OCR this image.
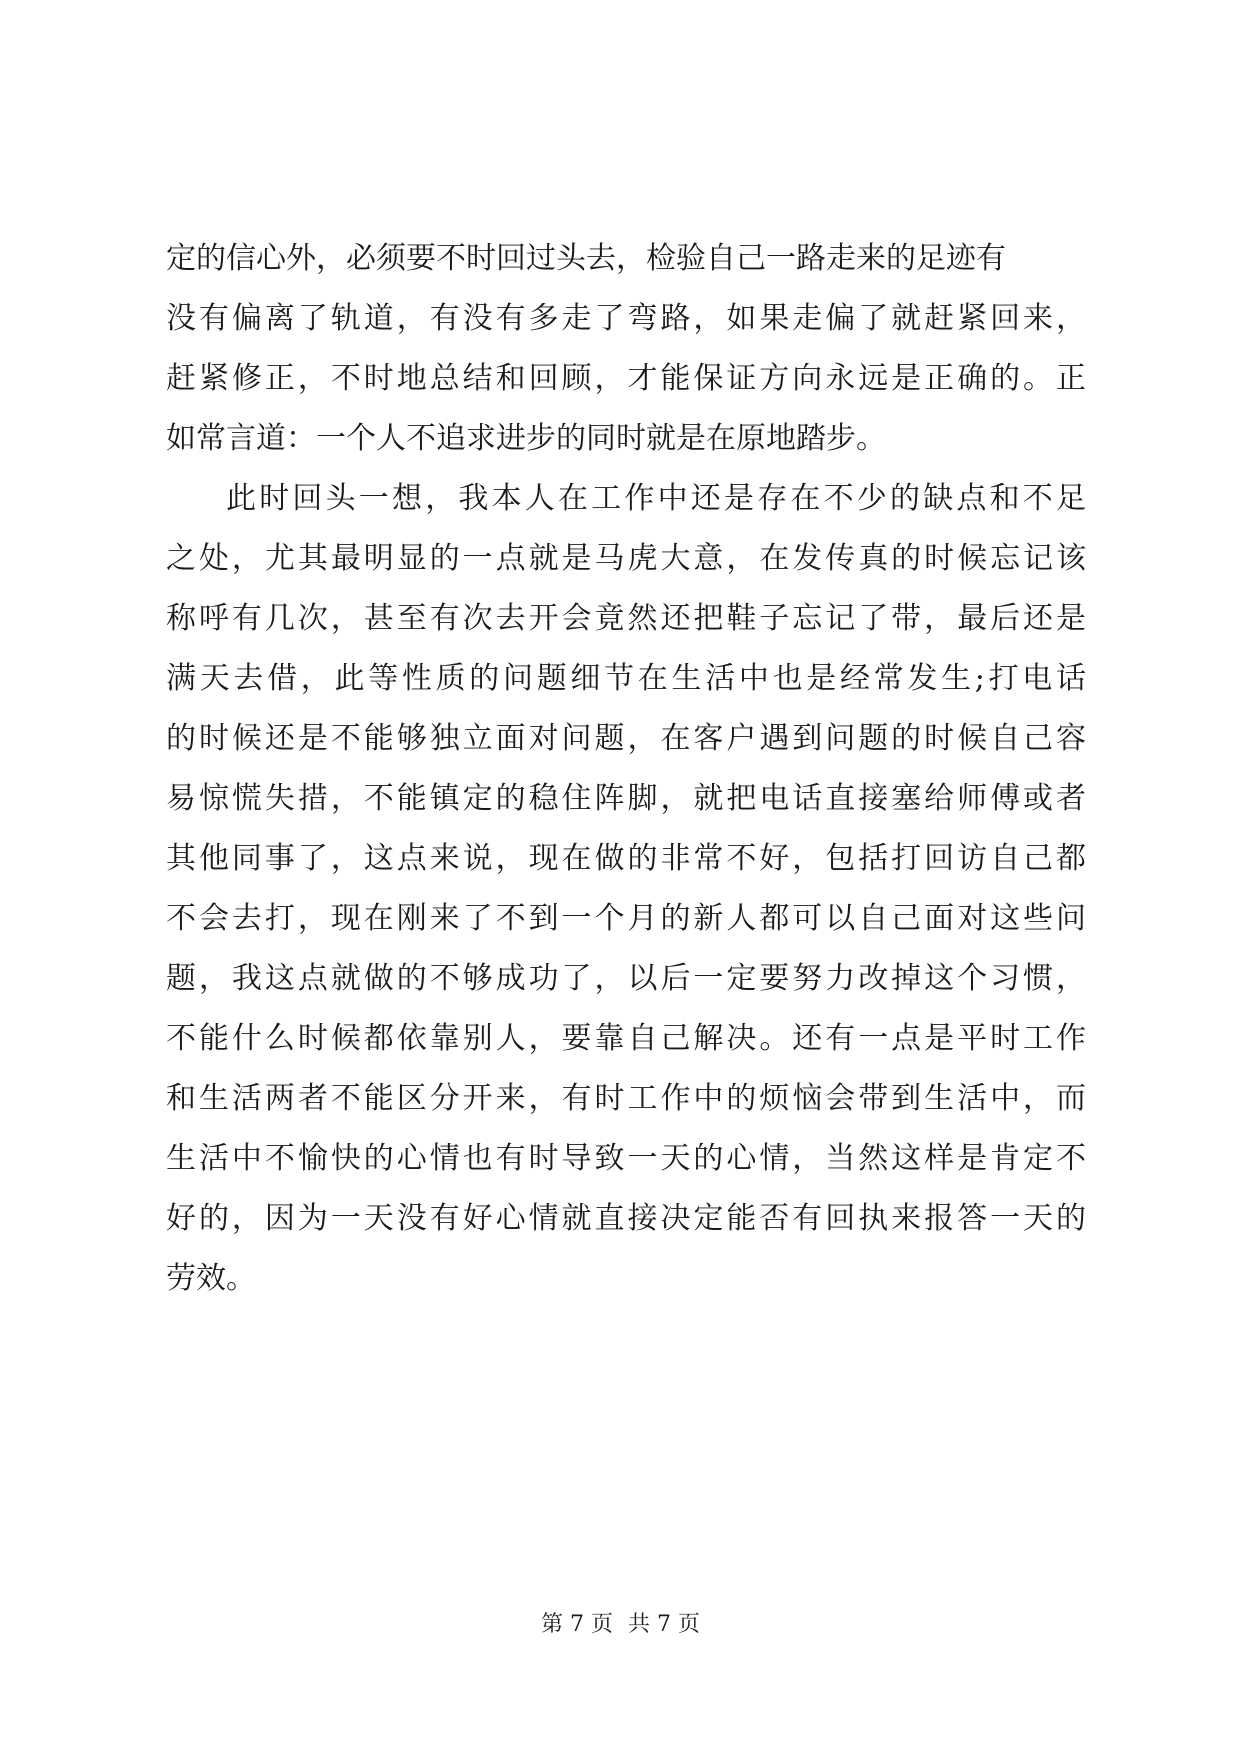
定的信心外，必须要不时回过头去，检验自己一路走来的足迹有
没有偏离了轨道，有没有多走了弯路，如果走偏了就赶紧回来，
赶紧修正，不时地总结和回顾，才能保证方向永远是正确的。正
如常言道：一个人不追求进步的同时就是在原地踏步。
此时回头一想，我本人在工作中还是存在不少的缺点和不足
之处，尤其最明显的一点就是马虎大意，在发传真的时候忘记该
称呼有几次，甚至有次去开会竟然还把鞋子忘记了带，最后还是
满天去借，此等性质的问题细节在生活中也是经常发生;打电话
的时候还是不能够独立面对问题，在客户遇到问题的时候自己容
易惊慌失措，不能镇定的稳住阵脚，就把电话直接塞给师傅或者
其他同事了，这点来说，现在做的非常不好，包括打回访自己都
不会去打，现在刚来了不到一个月的新人都可以自己面对这些问
题，我这点就做的不够成功了，以后一定要努力改掉这个习惯，
不能什么时候都依靠别人，要靠自己解决。还有一点是平时工作
和生活两者不能区分开来，有时工作中的烦恼会带到生活中，而
生活中不愉快的心情也有时导致一天的心情，当然这样是肯定不
好的，因为一天没有好心情就直接决定能否有回执来报答一天的
劳效。
第 7 页 共 7 页
